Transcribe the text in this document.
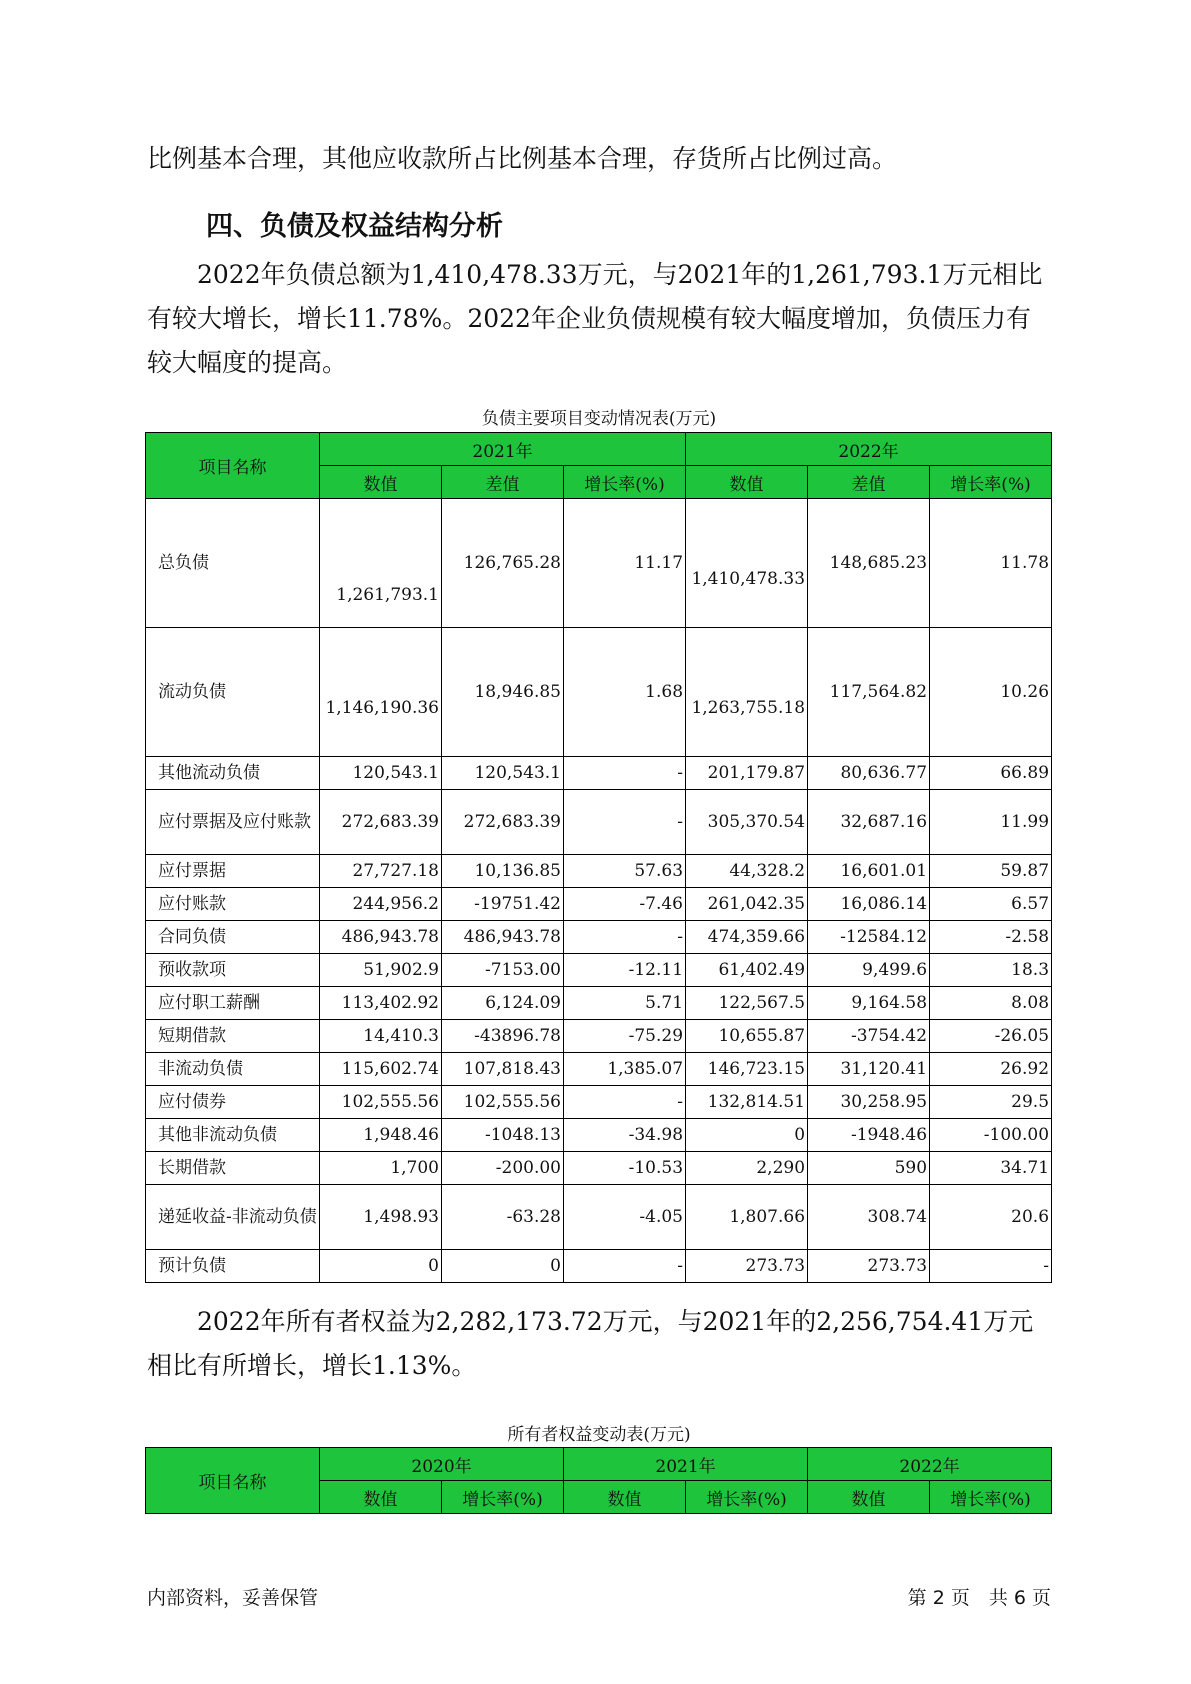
比例基本合理，其他应收款所占比例基本合理，存货所占比例过高。

四、负债及权益结构分析

　　2022年负债总额为1,410,478.33万元，与2021年的1,261,793.1万元相比有较大增长，增长11.78%。2022年企业负债规模有较大幅度增加，负债压力有较大幅度的提高。

负债主要项目变动情况表(万元)
项目名称	2021年			2022年		
	数值	差值	增长率(%)	数值	差值	增长率(%)
总负债	1,261,793.1	126,765.28	11.17	1,410,478.33	148,685.23	11.78
流动负债	1,146,190.36	18,946.85	1.68	1,263,755.18	117,564.82	10.26
其他流动负债	120,543.1	120,543.1	-	201,179.87	80,636.77	66.89
应付票据及应付账款	272,683.39	272,683.39	-	305,370.54	32,687.16	11.99
应付票据	27,727.18	10,136.85	57.63	44,328.2	16,601.01	59.87
应付账款	244,956.2	-19751.42	-7.46	261,042.35	16,086.14	6.57
合同负债	486,943.78	486,943.78	-	474,359.66	-12584.12	-2.58
预收款项	51,902.9	-7153.00	-12.11	61,402.49	9,499.6	18.3
应付职工薪酬	113,402.92	6,124.09	5.71	122,567.5	9,164.58	8.08
短期借款	14,410.3	-43896.78	-75.29	10,655.87	-3754.42	-26.05
非流动负债	115,602.74	107,818.43	1,385.07	146,723.15	31,120.41	26.92
应付债券	102,555.56	102,555.56	-	132,814.51	30,258.95	29.5
其他非流动负债	1,948.46	-1048.13	-34.98	0	-1948.46	-100.00
长期借款	1,700	-200.00	-10.53	2,290	590	34.71
递延收益-非流动负债	1,498.93	-63.28	-4.05	1,807.66	308.74	20.6
预计负债	0	0	-	273.73	273.73	-

　　2022年所有者权益为2,282,173.72万元，与2021年的2,256,754.41万元相比有所增长，增长1.13%。

所有者权益变动表(万元)
项目名称	2020年		2021年		2022年	
	数值	增长率(%)	数值	增长率(%)	数值	增长率(%)
内部资料，妥善保管	第 2 页　共 6 页
